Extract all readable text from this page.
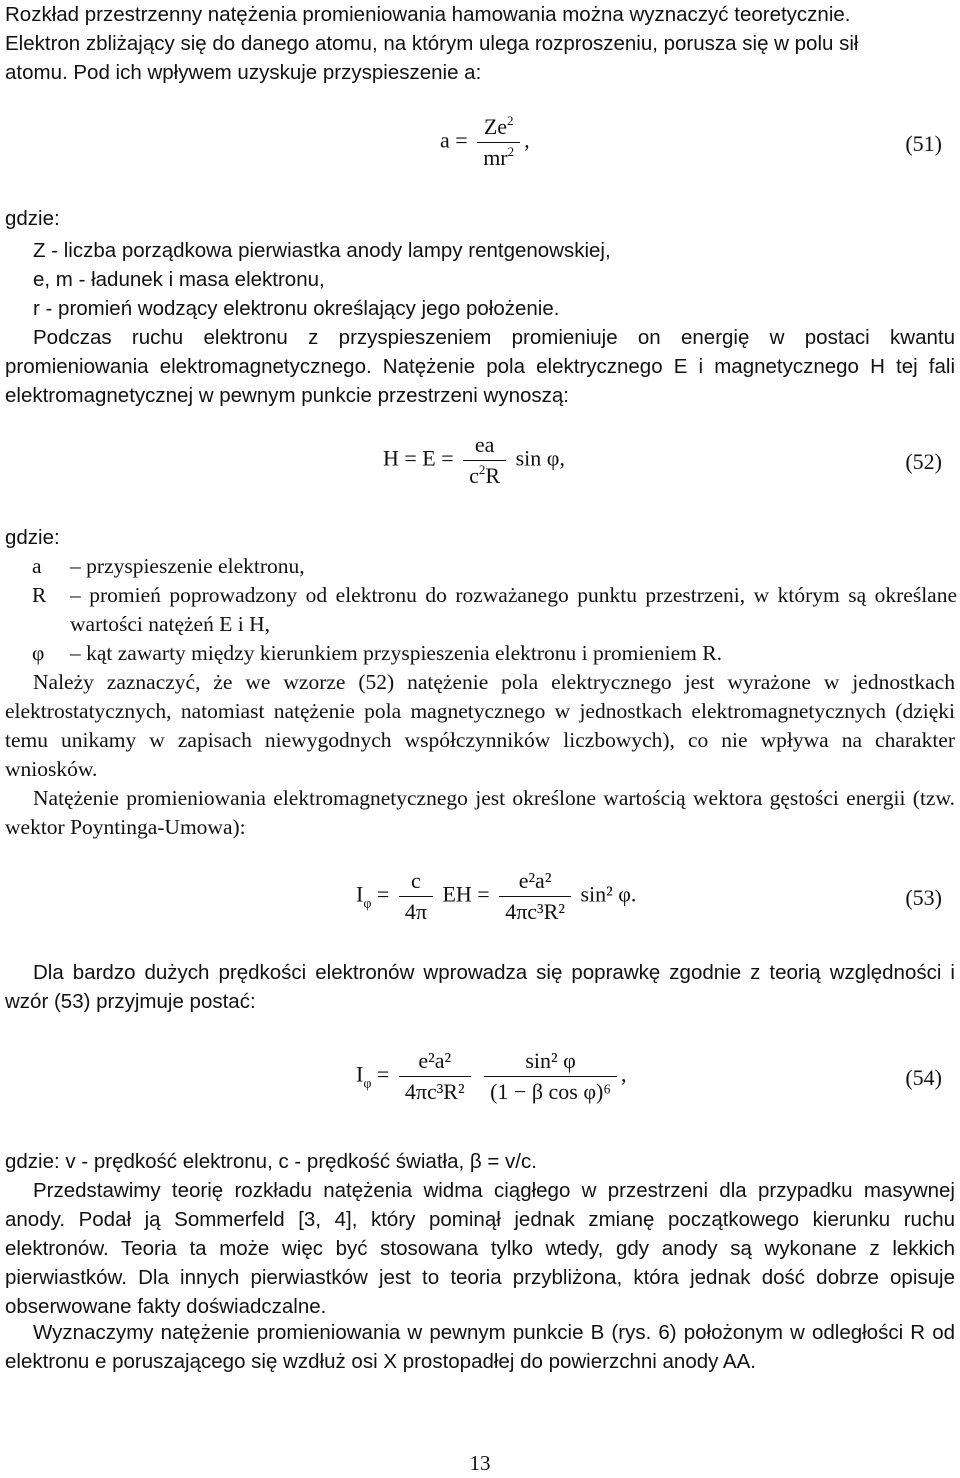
Rozkład przestrzenny natężenia promieniowania hamowania można wyznaczyć teoretycznie.

Elektron zbliżający się do danego atomu, na którym ulega rozproszeniu, porusza się w polu sił

atomu. Pod ich wpływem uzyskuje przyspieszenie a:

$a = \frac{Ze^2}{mr^2}$ ,	(51)

gdzie:

Z - liczba porządkowa pierwiastka anody lampy rentgenowskiej,

e, m - ładunek i masa elektronu,

r - promień wodzący elektronu określający jego położenie.

Podczas ruchu elektronu z przyspieszeniem promieniuje on energię w postaci kwantu promieniowania elektromagnetycznego. Natężenie pola elektrycznego E i magnetycznego H tej fali elektromagnetycznej w pewnym punkcie przestrzeni wynoszą:

$H = E = \frac{ea}{c^2R}$ sin φ,	(52)

gdzie:

a	– przyspieszenie elektronu,
R	– promień poprowadzony od elektronu do rozważanego punktu przestrzeni, w którym są określane wartości natężeń E i H,
φ	– kąt zawarty między kierunkiem przyspieszenia elektronu i promieniem R.

Należy zaznaczyć, że we wzorze (52) natężenie pola elektrycznego jest wyrażone w jednostkach elektrostatycznych, natomiast natężenie pola magnetycznego w jednostkach elektromagnetycznych (dzięki temu unikamy w zapisach niewygodnych współczynników liczbowych), co nie wpływa na charakter wniosków.

Natężenie promieniowania elektromagnetycznego jest określone wartością wektora gęstości energii (tzw. wektor Poyntinga-Umowa):

$I_\varphi = \frac{c}{4\pi}$ EH = $\frac{\text{e²a²}}{\text{4πc³R²}} \sin^2$ φ.	(53)

Dla bardzo dużych prędkości elektronów wprowadza się poprawkę zgodnie z teorią względności i wzór (53) przyjmuje postać:

$I_\varphi = \frac{\text{e²a²}}{\text{4πc³R²}}$
$\frac{\text{sin² φ}}{\text{(1 − β cos φ)⁶}}$ ,	(54)

gdzie: v - prędkość elektronu, c - prędkość światła, β = v/c.

Przedstawimy teorię rozkładu natężenia widma ciągłego w przestrzeni dla przypadku masywnej anody. Podał ją Sommerfeld [3, 4], który pominął jednak zmianę początkowego kierunku ruchu elektronów. Teoria ta może więc być stosowana tylko wtedy, gdy anody są wykonane z lekkich pierwiastków. Dla innych pierwiastków jest to teoria przybliżona, która jednak dość dobrze opisuje obserwowane fakty doświadczalne.

Wyznaczymy natężenie promieniowania w pewnym punkcie B (rys. 6) położonym w odległości R od elektronu e poruszającego się wzdłuż osi X prostopadłej do powierzchni anody AA.

13
